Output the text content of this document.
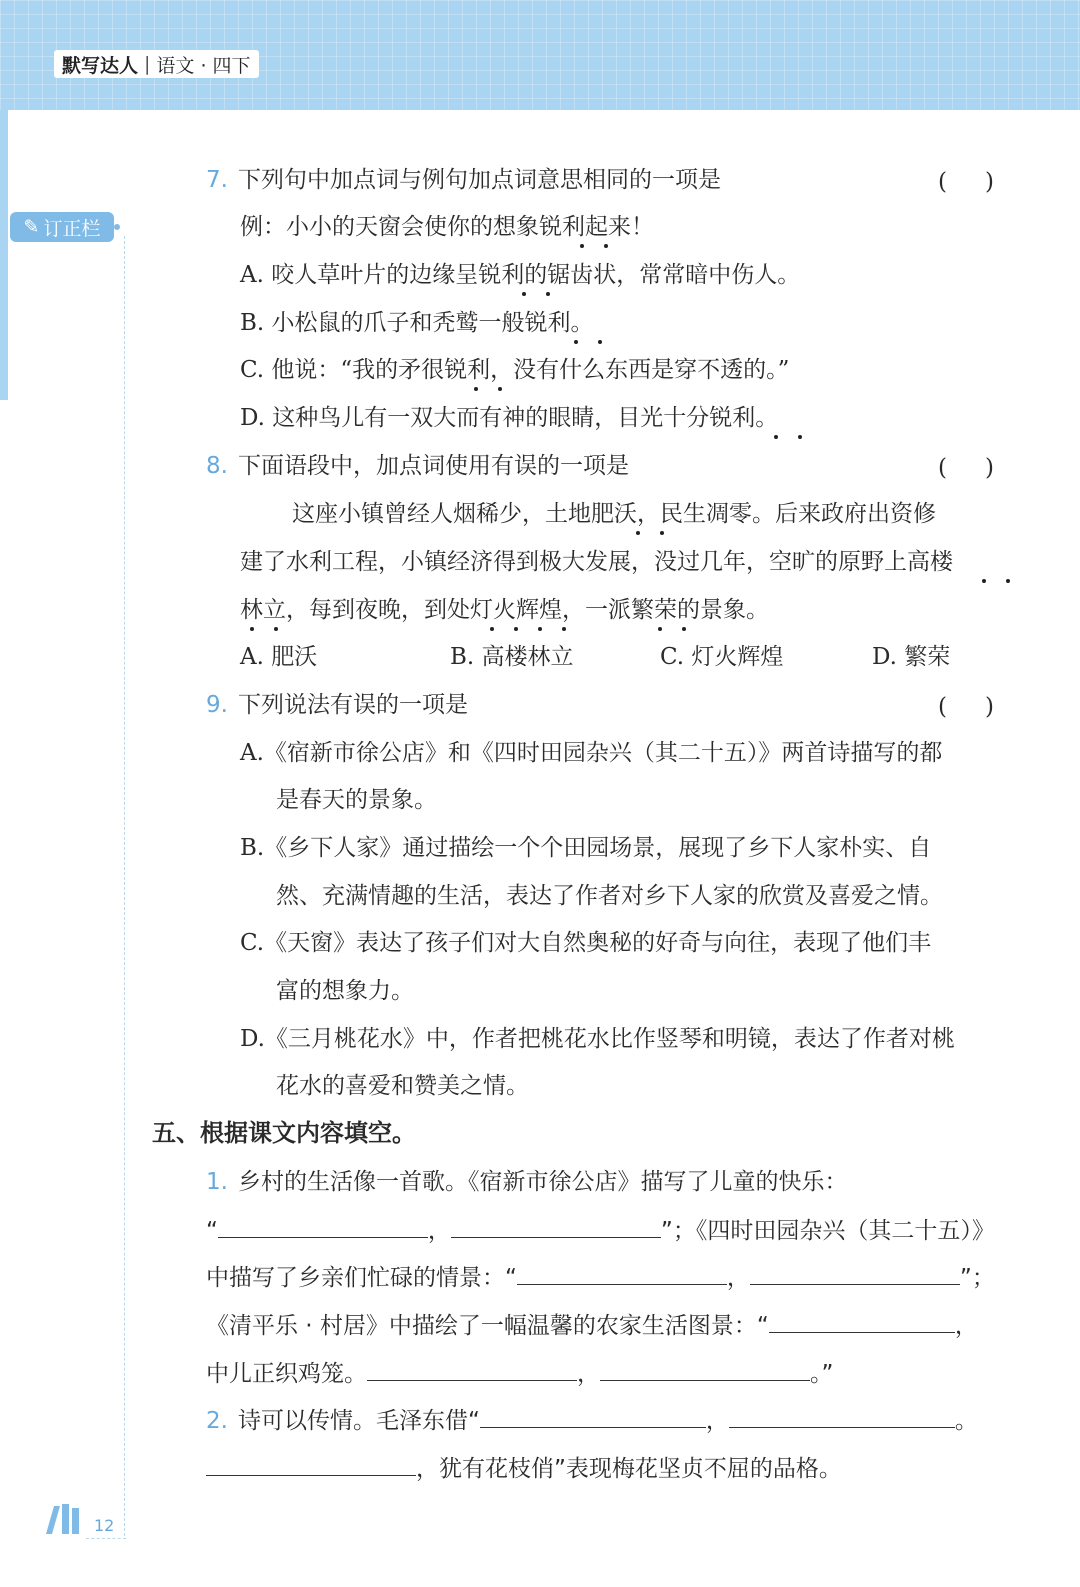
默写达人 | 语文 · 四下
✎ 订正栏
7. 下列句中加点词与例句加点词意思相同的一项是	()
例：小小的天窗会使你的想象锐利起来！
A. 咬人草叶片的边缘呈锐利的锯齿状，常常暗中伤人。
B. 小松鼠的爪子和秃鹫一般锐利。
C. 他说：“我的矛很锐利，没有什么东西是穿不透的。”
D. 这种鸟儿有一双大而有神的眼睛，目光十分锐利。
8. 下面语段中，加点词使用有误的一项是	()
这座小镇曾经人烟稀少，土地肥沃，民生凋零。后来政府出资修
建了水利工程，小镇经济得到极大发展，没过几年，空旷的原野上高楼
林立，每到夜晚，到处灯火辉煌，一派繁荣的景象。
A. 肥沃	B. 高楼林立	C. 灯火辉煌	D. 繁荣
9. 下列说法有误的一项是	()
A.《宿新市徐公店》和《四时田园杂兴（其二十五）》两首诗描写的都
是春天的景象。
B.《乡下人家》通过描绘一个个田园场景，展现了乡下人家朴实、自
然、充满情趣的生活，表达了作者对乡下人家的欣赏及喜爱之情。
C.《天窗》表达了孩子们对大自然奥秘的好奇与向往，表现了他们丰
富的想象力。
D.《三月桃花水》中，作者把桃花水比作竖琴和明镜，表达了作者对桃
花水的喜爱和赞美之情。
五、根据课文内容填空。
1. 乡村的生活像一首歌。《宿新市徐公店》描写了儿童的快乐：
“	，	”；《四时田园杂兴（其二十五）》
中描写了乡亲们忙碌的情景：“	，	”；
《清平乐 · 村居》中描绘了一幅温馨的农家生活图景：“	，
中儿正织鸡笼。	，	。”
2. 诗可以传情。毛泽东借“	，	。
，犹有花枝俏”表现梅花坚贞不屈的品格。
12
